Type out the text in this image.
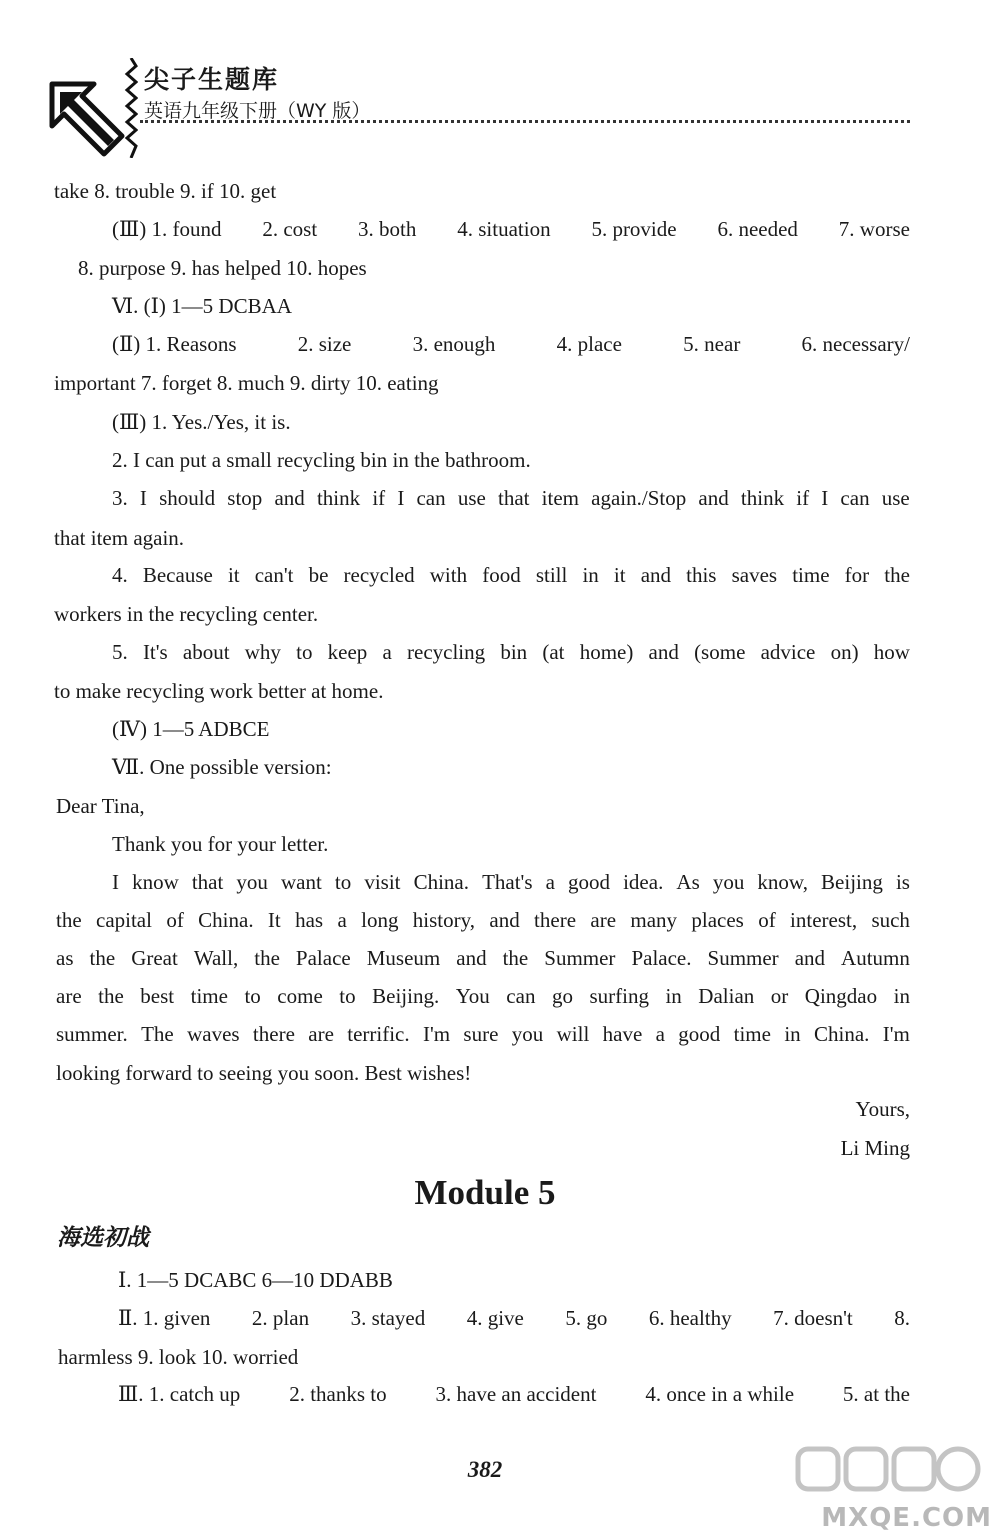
尖子生题库
英语九年级下册（WY 版）
take 8. trouble 9. if 10. get
(Ⅲ) 1. found 2. cost 3. both 4. situation 5. provide 6. needed 7. worse
8. purpose 9. has helped 10. hopes
Ⅵ. (Ⅰ) 1—5 DCBAA
(Ⅱ) 1. Reasons	2. size	3. enough	4. place	5. near	6. necessary/
important 7. forget 8. much 9. dirty 10. eating
(Ⅲ) 1. Yes./Yes, it is.
2. I can put a small recycling bin in the bathroom.
3. I should stop and think if I can use that item again./Stop and think if I can use
that item again.
4. Because it can't be recycled with food still in it and this saves time for the
workers in the recycling center.
5. It's about why to keep a recycling bin (at home) and (some advice on) how
to make recycling work better at home.
(Ⅳ) 1—5 ADBCE
Ⅶ. One possible version:
Dear Tina,
Thank you for your letter.
I know that you want to visit China. That's a good idea. As you know, Beijing is
the capital of China. It has a long history, and there are many places of interest, such
as the Great Wall, the Palace Museum and the Summer Palace. Summer and Autumn
are the best time to come to Beijing. You can go surfing in Dalian or Qingdao in
summer. The waves there are terrific. I'm sure you will have a good time in China. I'm
looking forward to seeing you soon. Best wishes!
Yours,
Li Ming
Module 5
海选初战
Ⅰ. 1—5 DCABC 6—10 DDABB
Ⅱ. 1. given 2. plan 3. stayed 4. give 5. go 6. healthy 7. doesn't 8.
harmless 9. look 10. worried
Ⅲ. 1. catch up 2. thanks to 3. have an accident 4. once in a while 5. at the
382
MXQE.COM
